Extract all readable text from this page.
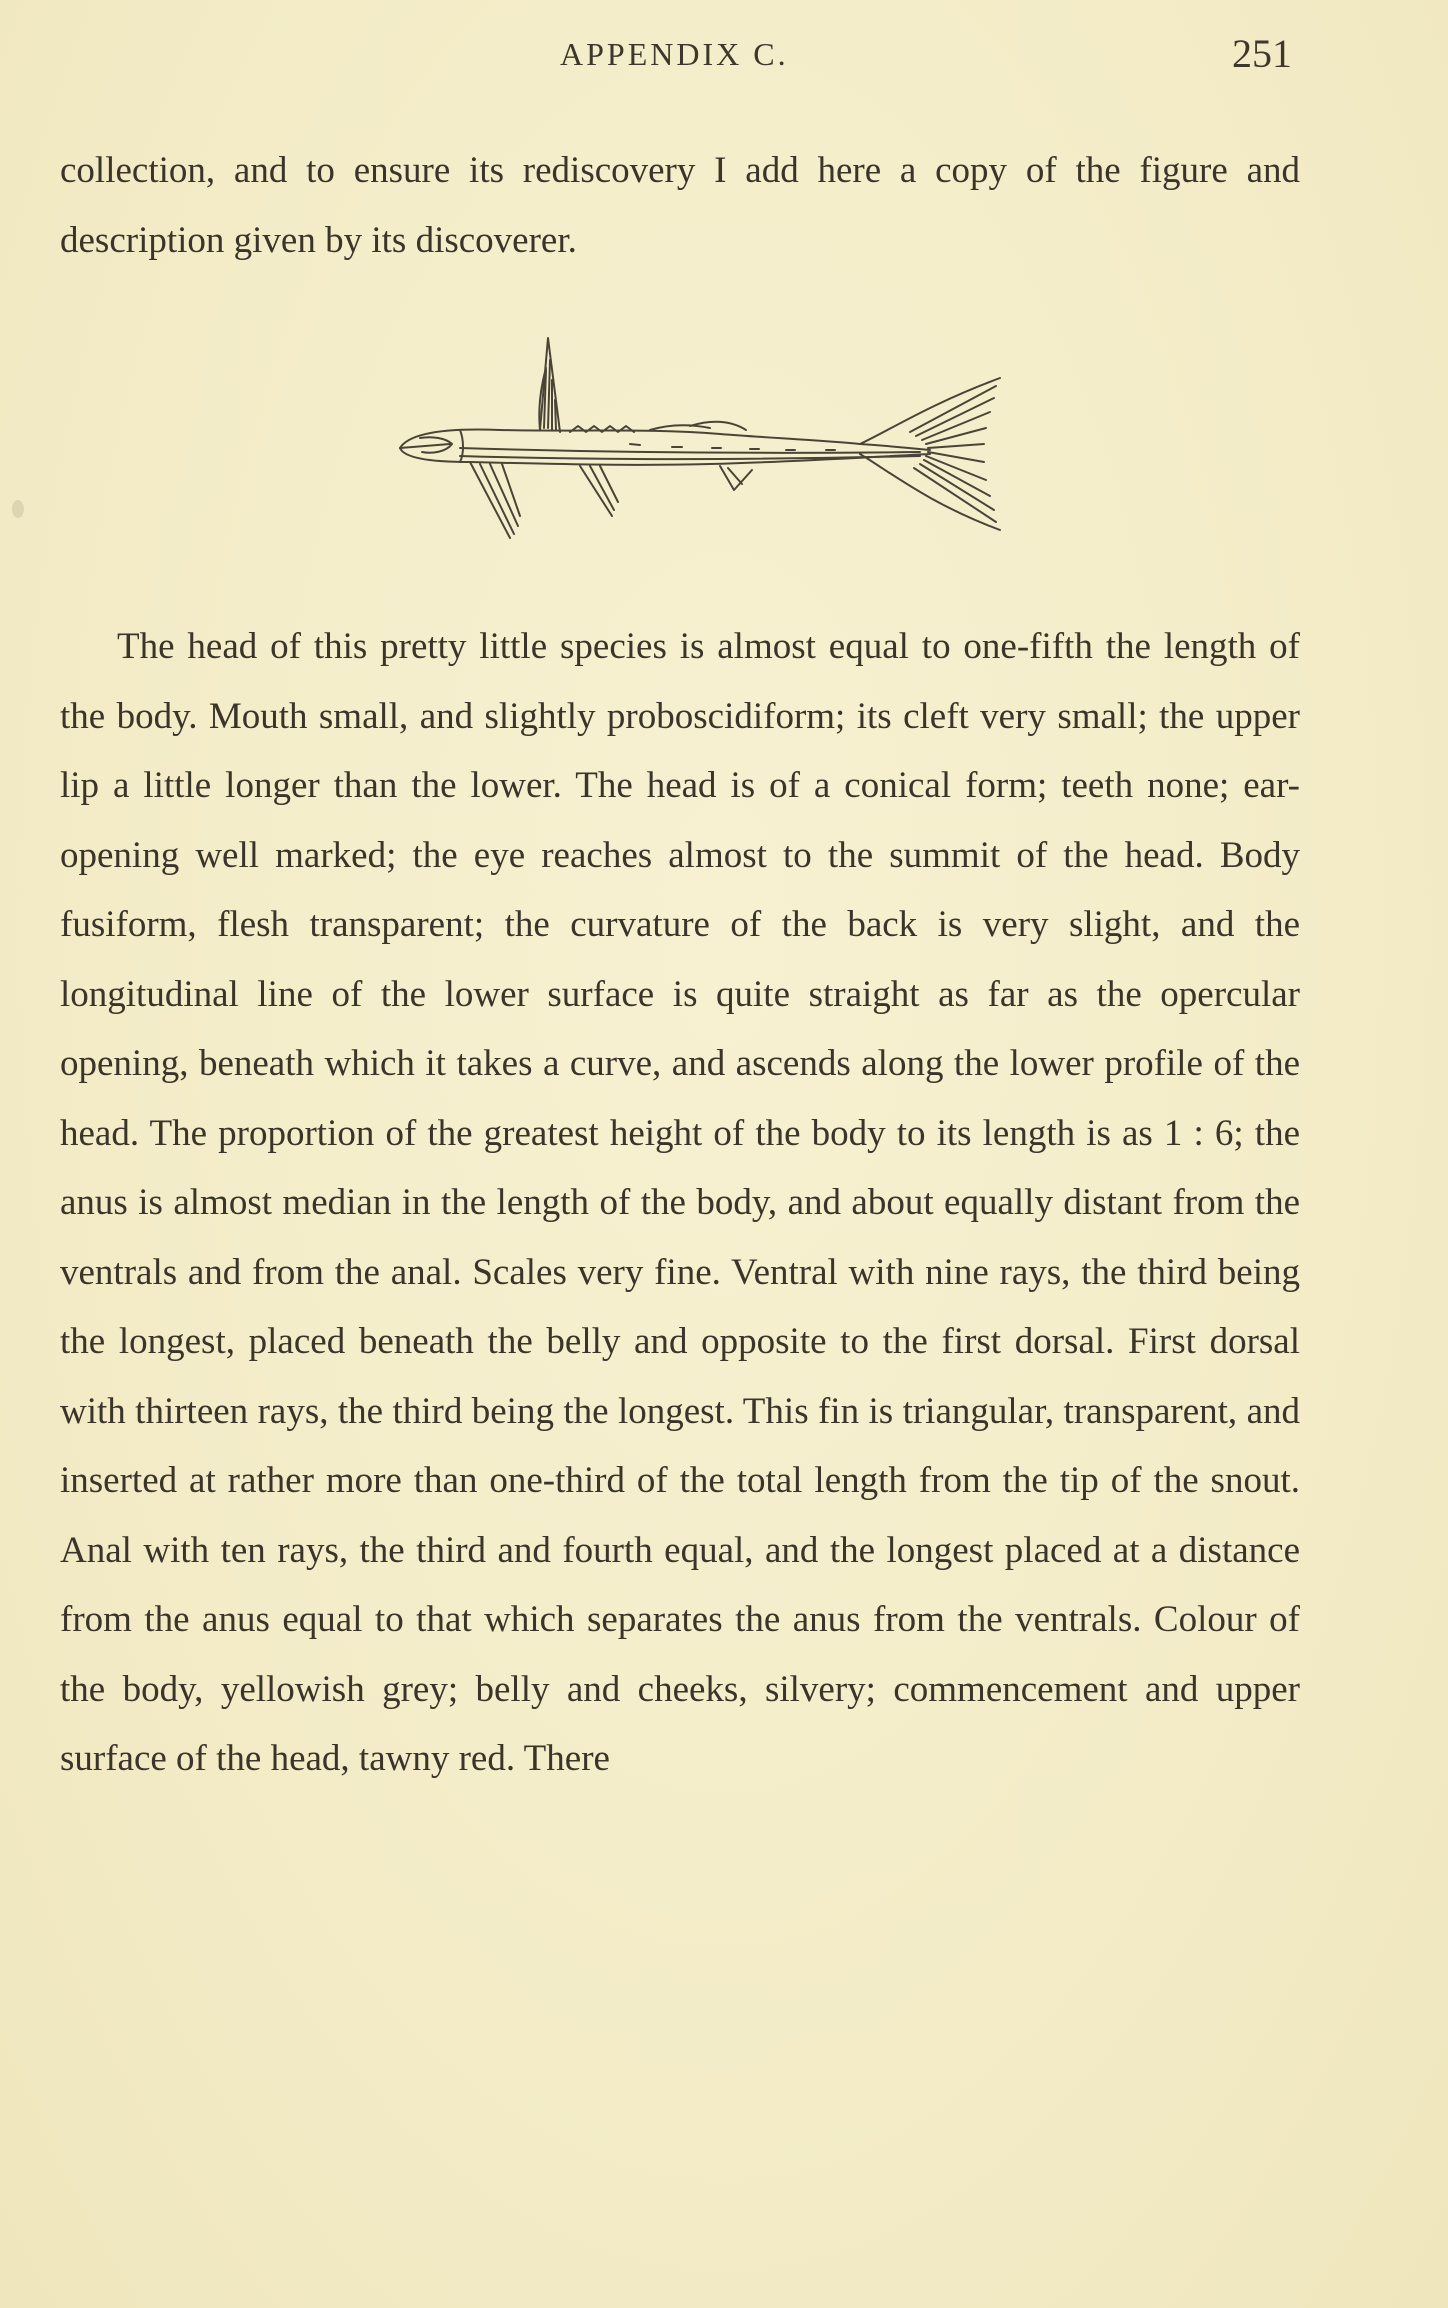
APPENDIX C.	251

collection, and to ensure its rediscovery I add here a copy of the figure and description given by its discoverer.

The head of this pretty little species is almost equal to one-fifth the length of the body. Mouth small, and slightly proboscidiform; its cleft very small; the upper lip a little longer than the lower. The head is of a conical form; teeth none; ear-opening well marked; the eye reaches almost to the summit of the head. Body fusiform, flesh transparent; the curvature of the back is very slight, and the longitudinal line of the lower surface is quite straight as far as the opercular opening, beneath which it takes a curve, and ascends along the lower profile of the head. The proportion of the greatest height of the body to its length is as 1 : 6; the anus is almost median in the length of the body, and about equally distant from the ventrals and from the anal. Scales very fine. Ventral with nine rays, the third being the longest, placed beneath the belly and opposite to the first dorsal. First dorsal with thirteen rays, the third being the longest. This fin is triangular, transparent, and inserted at rather more than one-third of the total length from the tip of the snout. Anal with ten rays, the third and fourth equal, and the longest placed at a distance from the anus equal to that which separates the anus from the ventrals. Colour of the body, yellowish grey; belly and cheeks, silvery; commencement and upper surface of the head, tawny red. There
